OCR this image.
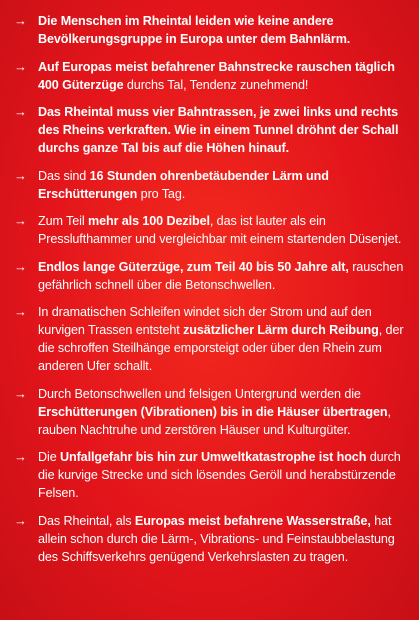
→ Die Menschen im Rheintal leiden wie keine andere Bevölkerungsgruppe in Europa unter dem Bahnlärm.
→ Auf Europas meist befahrener Bahnstrecke rauschen täglich 400 Güterzüge durchs Tal, Tendenz zunehmend!
→ Das Rheintal muss vier Bahntrassen, je zwei links und rechts des Rheins verkraften. Wie in einem Tunnel dröhnt der Schall durchs ganze Tal bis auf die Höhen hinauf.
→ Das sind 16 Stunden ohrenbetäubender Lärm und Erschütterungen pro Tag.
→ Zum Teil mehr als 100 Dezibel, das ist lauter als ein Presslufthammer und vergleichbar mit einem startenden Düsenjet.
→ Endlos lange Güterzüge, zum Teil 40 bis 50 Jahre alt, rauschen gefährlich schnell über die Betonschwellen.
→ In dramatischen Schleifen windet sich der Strom und auf den kurvigen Trassen entsteht zusätzlicher Lärm durch Reibung, der die schroffen Steilhänge emporsteigt oder über den Rhein zum anderen Ufer schallt.
→ Durch Betonschwellen und felsigen Untergrund werden die Erschütterungen (Vibrationen) bis in die Häuser übertragen, rauben Nachtruhe und zerstören Häuser und Kulturgüter.
→ Die Unfallgefahr bis hin zur Umweltkatastrophe ist hoch durch die kurvige Strecke und sich lösendes Geröll und herabstürzende Felsen.
→ Das Rheintal, als Europas meist befahrene Wasserstraße, hat allein schon durch die Lärm-, Vibrations- und Feinstaubbelastung des Schiffsverkehrs genügend Verkehrslasten zu tragen.
